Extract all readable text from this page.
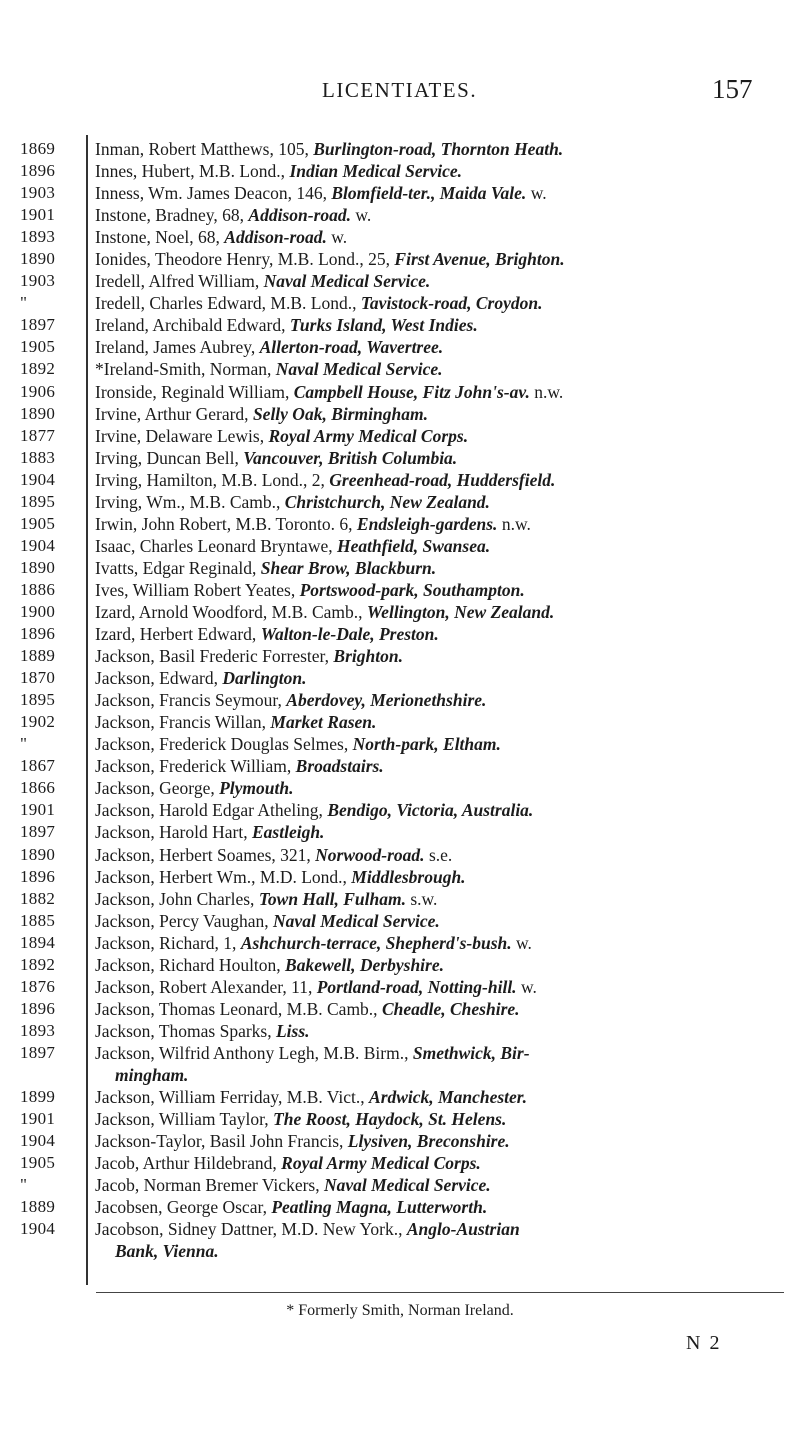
LICENTIATES.	157
1869
1896
1903
1901
1893
1890
1903
"
1897
1905
1892
1906
1890
1877
1883
1904
1895
1905
1904
1890
1886
1900
1896
1889
1870
1895
1902
"
1867
1866
1901
1897
1890
1896
1882
1885
1894
1892
1876
1896
1893
1897
1899
1901
1904
1905
"
1889
1904
Inman, Robert Matthews, 105, Burlington-road, Thornton Heath.
Innes, Hubert, M.B. Lond., Indian Medical Service.
Inness, Wm. James Deacon, 146, Blomfield-ter., Maida Vale. w.
Instone, Bradney, 68, Addison-road. w.
Instone, Noel, 68, Addison-road. w.
Ionides, Theodore Henry, M.B. Lond., 25, First Avenue, Brighton.
Iredell, Alfred William, Naval Medical Service.
Iredell, Charles Edward, M.B. Lond., Tavistock-road, Croydon.
Ireland, Archibald Edward, Turks Island, West Indies.
Ireland, James Aubrey, Allerton-road, Wavertree.
*Ireland-Smith, Norman, Naval Medical Service.
Ironside, Reginald William, Campbell House, Fitz John's-av. n.w.
Irvine, Arthur Gerard, Selly Oak, Birmingham.
Irvine, Delaware Lewis, Royal Army Medical Corps.
Irving, Duncan Bell, Vancouver, British Columbia.
Irving, Hamilton, M.B. Lond., 2, Greenhead-road, Huddersfield.
Irving, Wm., M.B. Camb., Christchurch, New Zealand.
Irwin, John Robert, M.B. Toronto. 6, Endsleigh-gardens. n.w.
Isaac, Charles Leonard Bryntawe, Heathfield, Swansea.
Ivatts, Edgar Reginald, Shear Brow, Blackburn.
Ives, William Robert Yeates, Portswood-park, Southampton.
Izard, Arnold Woodford, M.B. Camb., Wellington, New Zealand.
Izard, Herbert Edward, Walton-le-Dale, Preston.
Jackson, Basil Frederic Forrester, Brighton.
Jackson, Edward, Darlington.
Jackson, Francis Seymour, Aberdovey, Merionethshire.
Jackson, Francis Willan, Market Rasen.
Jackson, Frederick Douglas Selmes, North-park, Eltham.
Jackson, Frederick William, Broadstairs.
Jackson, George, Plymouth.
Jackson, Harold Edgar Atheling, Bendigo, Victoria, Australia.
Jackson, Harold Hart, Eastleigh.
Jackson, Herbert Soames, 321, Norwood-road. s.e.
Jackson, Herbert Wm., M.D. Lond., Middlesbrough.
Jackson, John Charles, Town Hall, Fulham. s.w.
Jackson, Percy Vaughan, Naval Medical Service.
Jackson, Richard, 1, Ashchurch-terrace, Shepherd's-bush. w.
Jackson, Richard Houlton, Bakewell, Derbyshire.
Jackson, Robert Alexander, 11, Portland-road, Notting-hill. w.
Jackson, Thomas Leonard, M.B. Camb., Cheadle, Cheshire.
Jackson, Thomas Sparks, Liss.
Jackson, Wilfrid Anthony Legh, M.B. Birm., Smethwick, Bir-
mingham.
Jackson, William Ferriday, M.B. Vict., Ardwick, Manchester.
Jackson, William Taylor, The Roost, Haydock, St. Helens.
Jackson-Taylor, Basil John Francis, Llysiven, Breconshire.
Jacob, Arthur Hildebrand, Royal Army Medical Corps.
Jacob, Norman Bremer Vickers, Naval Medical Service.
Jacobsen, George Oscar, Peatling Magna, Lutterworth.
Jacobson, Sidney Dattner, M.D. New York., Anglo-Austrian
Bank, Vienna.
* Formerly Smith, Norman Ireland.
N 2
